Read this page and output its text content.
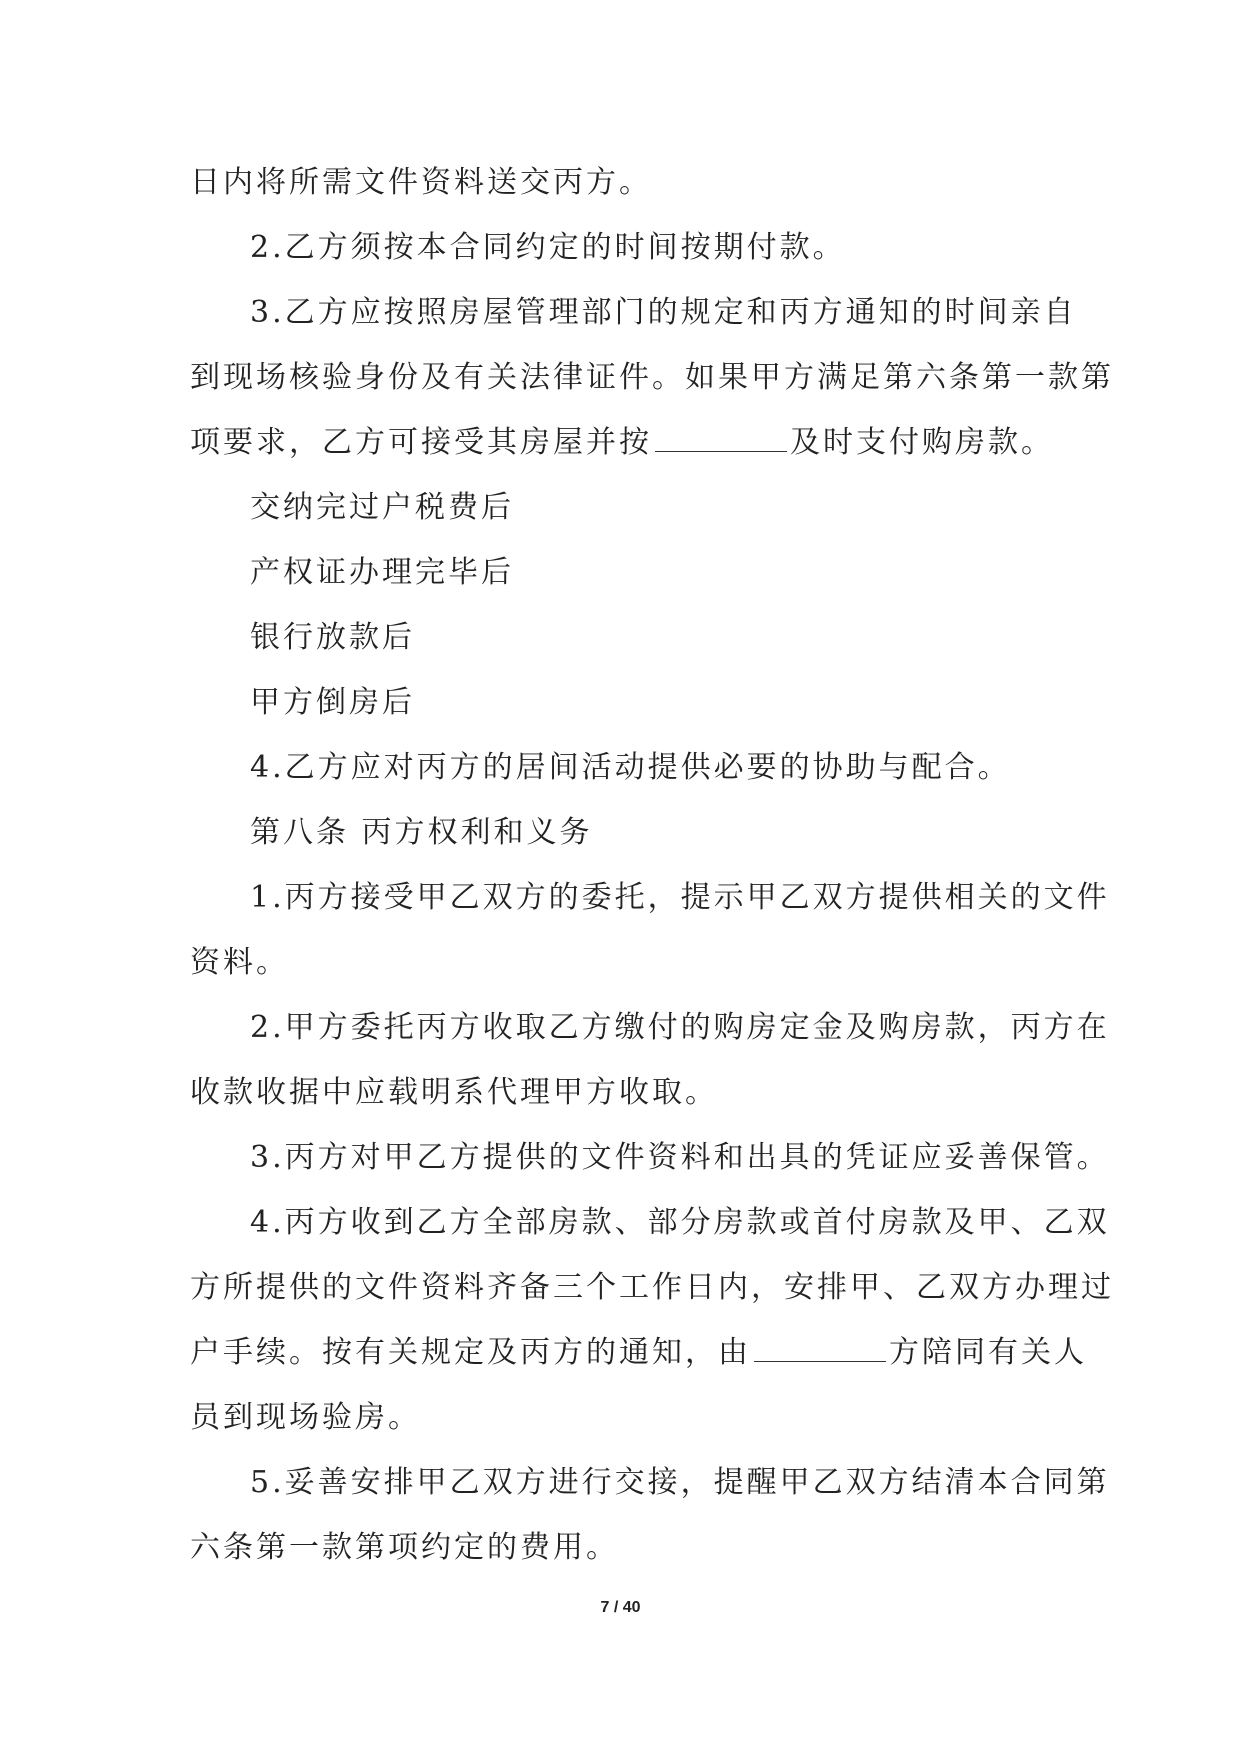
日内将所需文件资料送交丙方。
2.乙方须按本合同约定的时间按期付款。
3.乙方应按照房屋管理部门的规定和丙方通知的时间亲自
到现场核验身份及有关法律证件。如果甲方满足第六条第一款第
项要求，乙方可接受其房屋并按	及时支付购房款。
交纳完过户税费后
产权证办理完毕后
银行放款后
甲方倒房后
4.乙方应对丙方的居间活动提供必要的协助与配合。
第八条 丙方权利和义务
1.丙方接受甲乙双方的委托，提示甲乙双方提供相关的文件
资料。
2.甲方委托丙方收取乙方缴付的购房定金及购房款，丙方在
收款收据中应载明系代理甲方收取。
3.丙方对甲乙方提供的文件资料和出具的凭证应妥善保管。
4.丙方收到乙方全部房款、部分房款或首付房款及甲、乙双
方所提供的文件资料齐备三个工作日内，安排甲、乙双方办理过
户手续。按有关规定及丙方的通知，由	方陪同有关人
员到现场验房。
5.妥善安排甲乙双方进行交接，提醒甲乙双方结清本合同第
六条第一款第项约定的费用。
7 / 40
